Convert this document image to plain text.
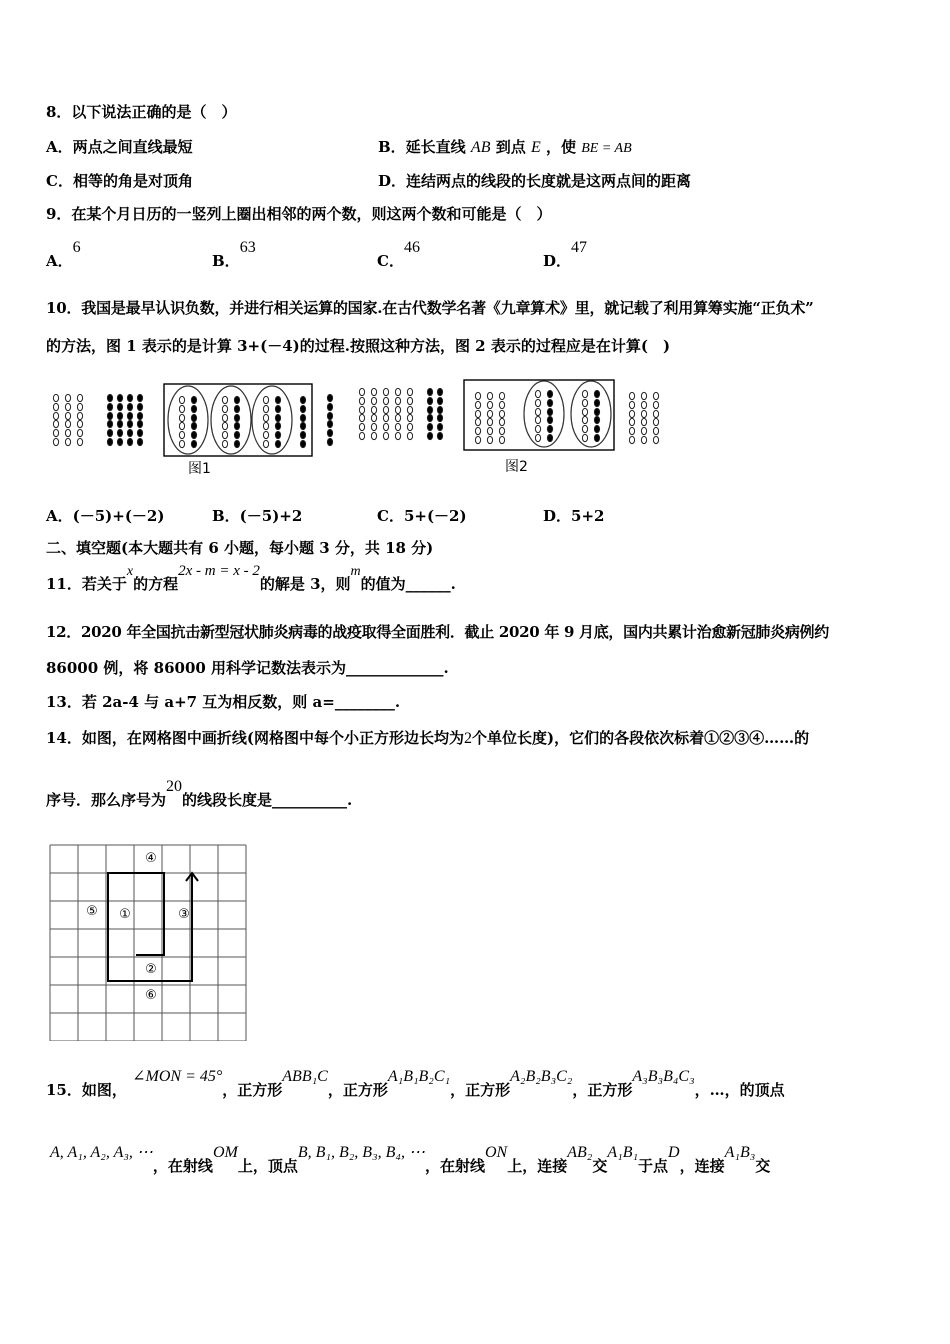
8．以下说法正确的是（　）
A．两点之间直线最短	B．延长直线 AB 到点 E ，使 BE = AB
C．相等的角是对顶角	D．连结两点的线段的长度就是这两点间的距离
9．在某个月日历的一竖列上圈出相邻的两个数，则这两个数和可能是（　）
A．6
B．63
C．46
D．47
10．我国是最早认识负数，并进行相关运算的国家.在古代数学名著《九章算术》里，就记载了利用算筹实施“正负术”
的方法，图 1 表示的是计算 3+(－4)的过程.按照这种方法，图 2 表示的过程应是在计算(　)
图1	图2
A．(－5)+(－2)	B．(－5)+2	C．5+(－2)	D．5+2
二、填空题(本大题共有 6 小题，每小题 3 分，共 18 分)
11．若关于x的方程2x - m = x - 2的解是 3，则m的值为______.
12．2020 年全国抗击新型冠状肺炎病毒的战疫取得全面胜利．截止 2020 年 9 月底，国内共累计治愈新冠肺炎病例约
86000 例，将 86000 用科学记数法表示为_____________.
13．若 2a-4 与 a+7 互为相反数，则 a=________.
14．如图，在网格图中画折线(网格图中每个小正方形边长均为2个单位长度)，它们的各段依次标着①②③④……的
序号．那么序号为20的线段长度是__________.
④
⑤ ①	③
②
⑥
15．如图， ∠MON = 45°，正方形ABB₁C，正方形A₁B₁B₂C₁，正方形A₂B₂B₃C₂，正方形A₃B₃B₄C₃，…，的顶点
A, A₁, A₂, A₃, ⋯，在射线OM上，顶点B, B₁, B₂, B₃, B₄, ⋯，在射线ON上，连接AB₂交A₁B₁于点D，连接A₁B₃交
